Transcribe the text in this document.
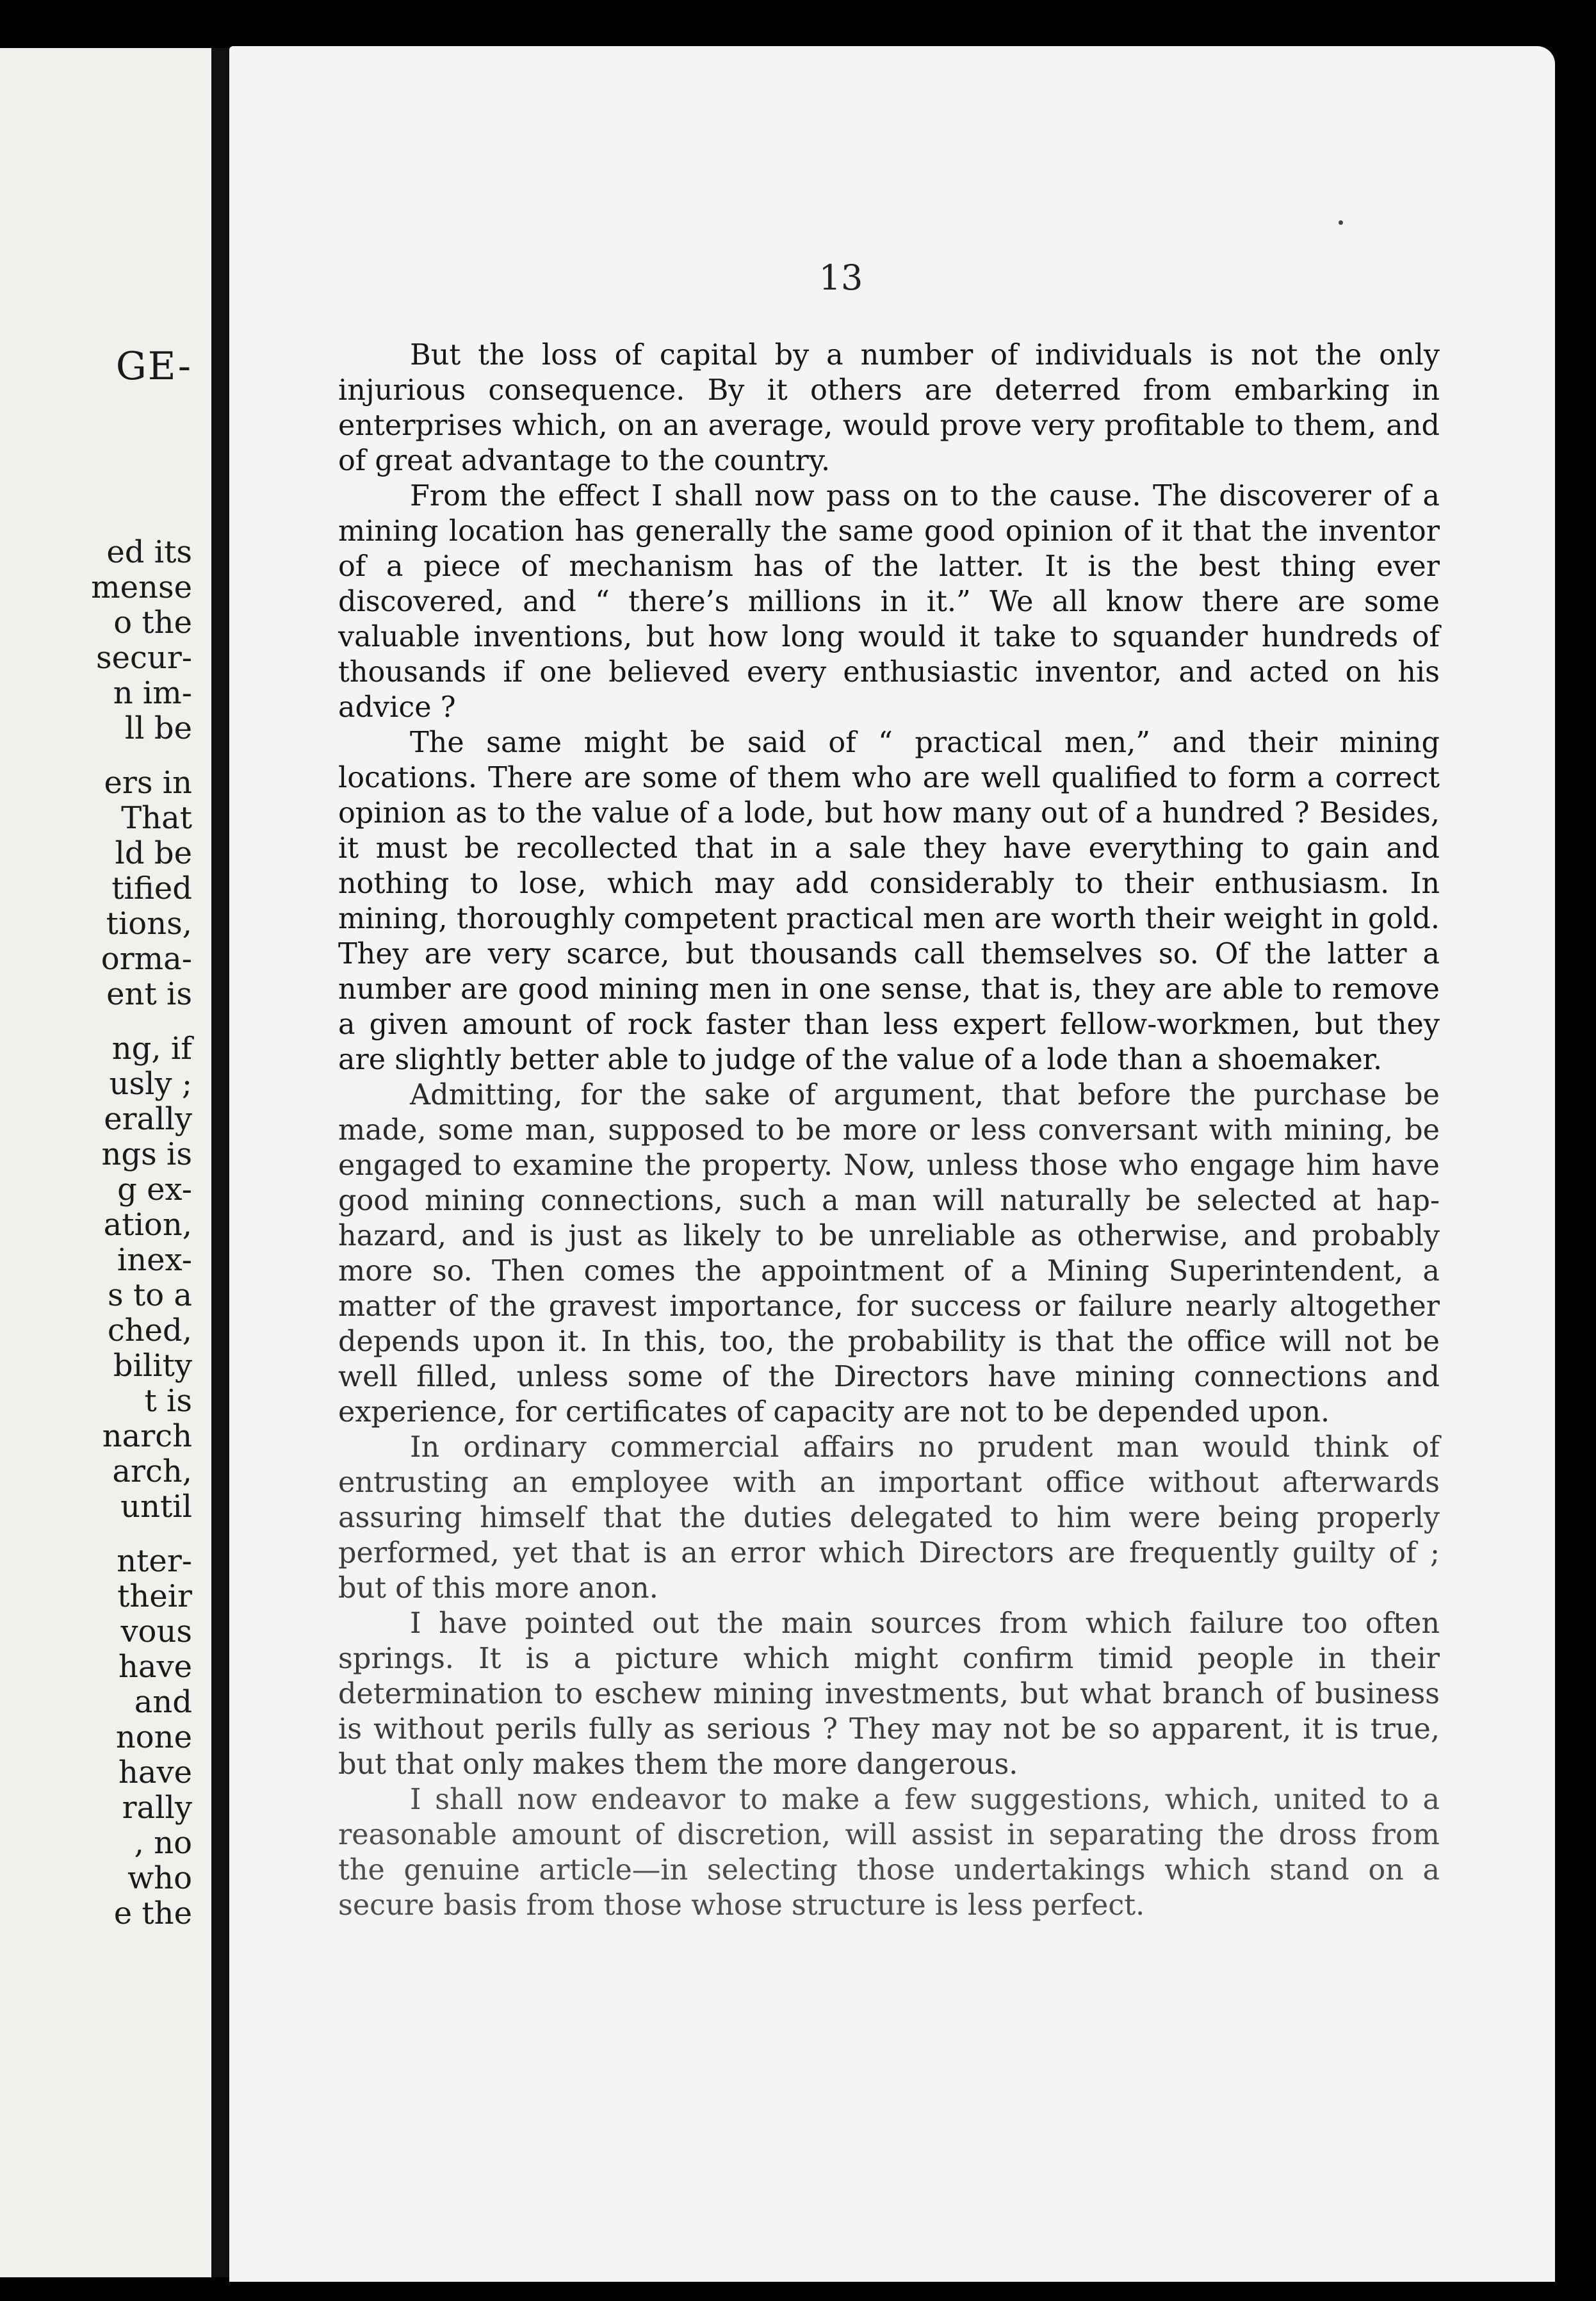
GE-
ed its
mense
o the
secur-
n im-
ll be
ers in
That
ld be
tified
tions,
orma-
ent is
ng, if
usly ;
erally
ngs is
g ex-
ation,
inex-
s to a
ched,
bility
t is
narch
arch,
until
nter-
their
vous
have
and
none
have
rally
, no
who
e the
13

But the loss of capital by a number of individuals is not the only injurious consequence. By it others are deterred from embarking in enterprises which, on an average, would prove very profitable to them, and of great advantage to the country.

From the effect I shall now pass on to the cause. The discoverer of a mining location has generally the same good opinion of it that the inventor of a piece of mechanism has of the latter. It is the best thing ever discovered, and “ there’s millions in it.” We all know there are some valuable inventions, but how long would it take to squander hundreds of thousands if one believed every enthusiastic inventor, and acted on his advice ?

The same might be said of “ practical men,” and their mining locations. There are some of them who are well qualified to form a correct opinion as to the value of a lode, but how many out of a hundred ? Besides, it must be recollected that in a sale they have everything to gain and nothing to lose, which may add considerably to their enthusiasm. In mining, thoroughly competent practical men are worth their weight in gold. They are very scarce, but thousands call themselves so. Of the latter a number are good mining men in one sense, that is, they are able to remove a given amount of rock faster than less expert fellow-workmen, but they are slightly better able to judge of the value of a lode than a shoemaker.

Admitting, for the sake of argument, that before the purchase be made, some man, supposed to be more or less conversant with mining, be engaged to examine the property. Now, unless those who engage him have good mining connections, such a man will naturally be selected at hap-hazard, and is just as likely to be unreliable as otherwise, and probably more so. Then comes the appointment of a Mining Superintendent, a matter of the gravest importance, for success or failure nearly altogether depends upon it. In this, too, the probability is that the office will not be well filled, unless some of the Directors have mining connections and experience, for certificates of capacity are not to be depended upon.

In ordinary commercial affairs no prudent man would think of entrusting an employee with an important office without afterwards assuring himself that the duties delegated to him were being properly performed, yet that is an error which Directors are frequently guilty of ; but of this more anon.

I have pointed out the main sources from which failure too often springs. It is a picture which might confirm timid people in their determination to eschew mining investments, but what branch of business is without perils fully as serious ? They may not be so apparent, it is true, but that only makes them the more dangerous.

I shall now endeavor to make a few suggestions, which, united to a reasonable amount of discretion, will assist in separating the dross from the genuine article—in selecting those undertakings which stand on a secure basis from those whose structure is less perfect.
